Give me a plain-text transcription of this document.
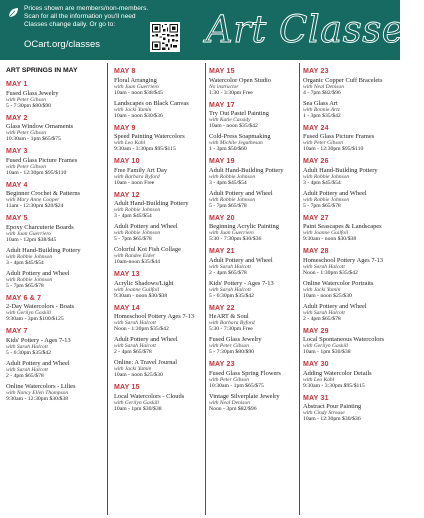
Prices shown are members/non-members. Scan for all the information you'll need Classes change daily. Or go to:
OCart.org/classes	Art Classes
ART SPRINGS IN MAY
MAY 1
Fused Glass Jewelry
with Peter Gibson
5 - 7:30pm $80/$90
MAY 2
Glass Window Ornaments
with Peter Gibson
10:30am - 1pm $65/$75
MAY 3
Fused Glass Picture Frames
with Peter Gibson
10am - 12:30pm $95/$110
MAY 4
Beginner Crochet & Patterns
with Mary Anne Cooper
11am - 12:30pm $20/$24
MAY 5
Epoxy Charcuterie Boards
with Juan Guerriero
10am - 12pm $38/$45
Adult Hand-Building Pottery
with Robbie Johnson
3 - 4pm $45/$54
Adult Pottery and Wheel
with Robbie Johnson
5 - 7pm $65/$78
MAY 6 & 7
2-Day Watercolors - Boats
with Gerilyn Gaskill
9:30am - 3pm $100/$125
MAY 7
Kids' Pottery - Ages 7-13
with Sarah Halcott
5 - 6:30pm $35/$42
Adult Pottery and Wheel
with Sarah Halcott
2 - 4pm $65/$78
Online Watercolors - Lilies
with Nancy Ellen Thompson
9:30am - 12:30pm $30/$38
MAY 8
Floral Arranging
with Juan Guerriero
10am - noon $38/$45
Landscapes on Black Canvas
with Jacki Yamin
10am - noon $30/$36
MAY 9
Speed Painting Watercolors
with Leo Kahl
9:30am - 3:30pm $95/$115
MAY 10
Free Family Art Day
with Barbara Byford
10am - noon Free
MAY 12
Adult Hand-Building Pottery
with Robbie Johnson
3 - 4pm $45/$54
Adult Pottery and Wheel
with Robbie Johnson
5 - 7pm $65/$78
Colorful Koi Fish Collage
with Randee Eider
10am-noon $35/$44
MAY 13
Acrylic Shadows/Light
with Joanne Guilfoil
9:30am - noon $30/$38
MAY 14
Homeschool Pottery Ages 7-13
with Sarah Halcott
Noon - 1:30pm $35/$42
Adult Pottery and Wheel
with Sarah Halcott
2 - 4pm $65/$78
Online: A Travel Journal
with Jacki Yamin
10am - noon $25/$30
MAY 15
Local Watercolors - Clouds
with Gerilyn Gaskill
10am - 1pm $30/$38
MAY 15
Watercolor Open Studio
No instructor
1:30 - 3:30pm Free
MAY 17
Try Out Pastel Painting
with Katie Cassidy
10am - noon $35/$42
Cold-Press Soapmaking
with Michile Jegathesan
1 - 3pm $50/$60
MAY 19
Adult Hand-Building Pottery
with Robbie Johnson
3 - 4pm $45/$54
Adult Pottery and Wheel
with Robbie Johnson
5 - 7pm $65/$78
MAY 20
Beginning Acrylic Painting
with Juan Guerriero
5:30 - 7:30pm $30/$36
MAY 21
Adult Pottery and Wheel
with Sarah Halcott
2 - 4pm $65/$78
Kids' Pottery - Ages 7-13
with Sarah Halcott
5 - 6:30pm $35/$42
MAY 22
HeART & Soul
with Barbara Byford
5:30 - 7:30pm Free
Fused Glass Jewelry
with Peter Gibson
5 - 7:30pm $80/$90
MAY 23
Fused Glass Spring Flowers
with Peter Gibson
10:30am - 1pm $65/$75
Vintage Silverplate Jewelry
with Neal Denison
Noon - 3pm $82/$96
MAY 23
Organic Copper Cuff Bracelets
with Neal Denison
4 - 7pm $82/$96
Sea Glass Art
with Bonnie Artz
1 - 3pm $35/$42
MAY 24
Fused Glass Picture Frames
with Peter Gibson
10am - 12:30pm $95/$110
MAY 26
Adult Hand-Building Pottery
with Robbie Johnson
3 - 4pm $45/$54
Adult Pottery and Wheel
with Robbie Johnson
5 - 7pm $65/$78
MAY 27
Paint Seascapes & Landscapes
with Joanne Guilfoil
9:30am - noon $30/$38
MAY 28
Homeschool Pottery Ages 7-13
with Sarah Halcott
Noon - 1:30pm $35/$42
Online Watercolor Portraits
with Jacki Yamin
10am - noon $25/$30
Adult Pottery and Wheel
with Sarah Halcott
2 - 4pm $65/$78
MAY 29
Local Spontaneous Watercolors
with Gerilyn Gaskill
10am - 1pm $30/$38
MAY 30
Adding Watercolor Details
with Leo Kahl
9:30am - 3:30pm $95/$115
MAY 31
Abstract Pour Painting
with Cindy Strouse
10am - 12:30pm $30/$36
